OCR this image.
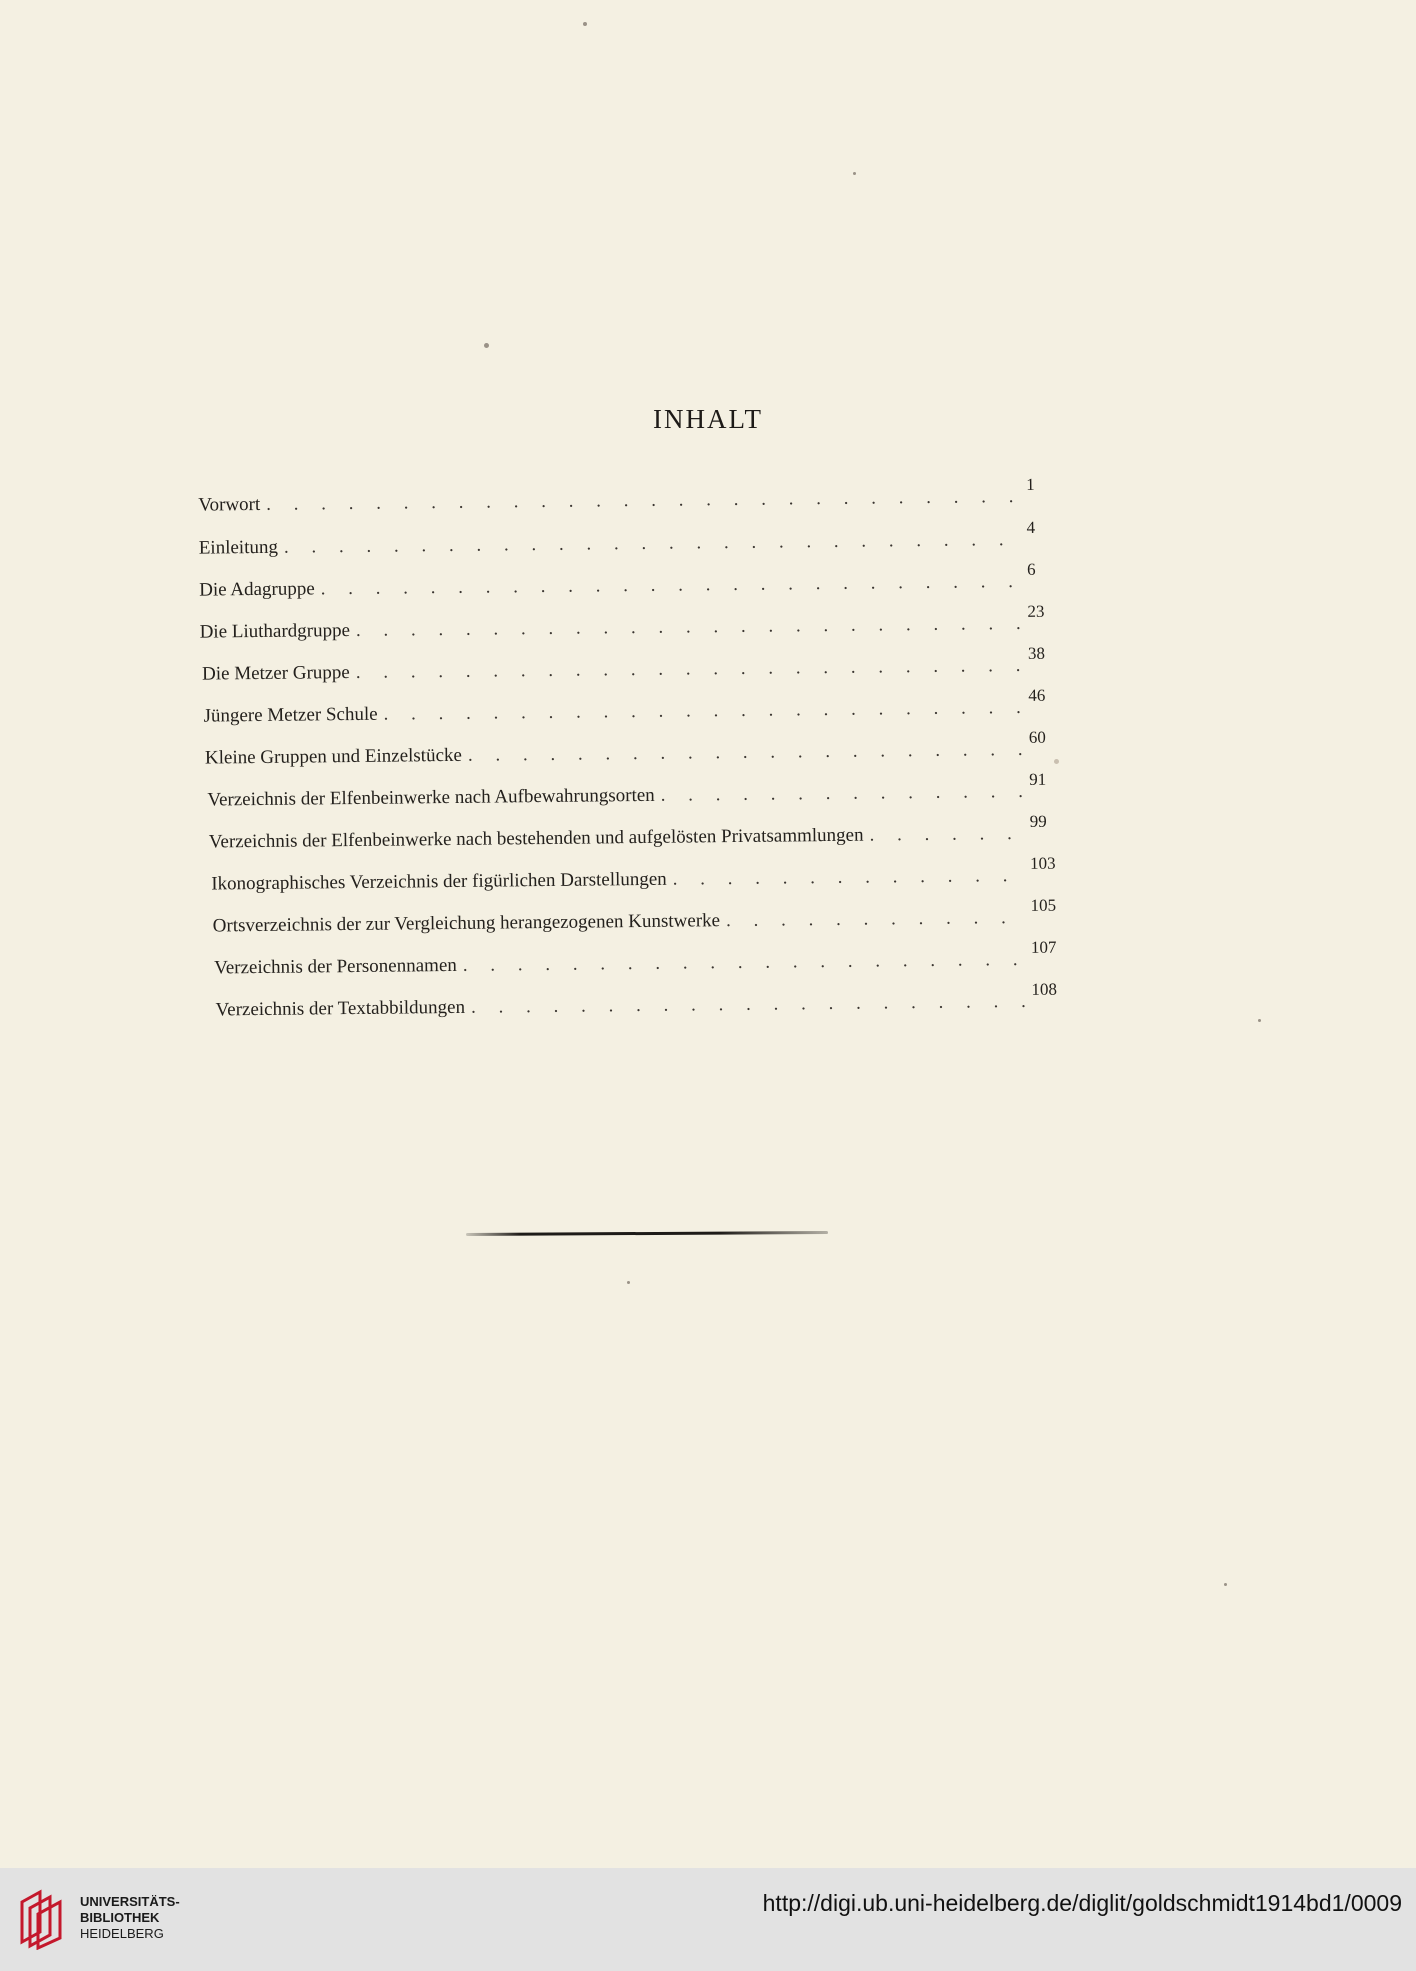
INHALT
Vorwort
. . .
1
Einleitung
. . .
4
Die Adagruppe
. . .
6
Die Liuthardgruppe
. . .
23
Die Metzer Gruppe
. . .
38
Jüngere Metzer Schule
. . .
46
Kleine Gruppen und Einzelstücke
. . .
60
Verzeichnis der Elfenbeinwerke nach Aufbewahrungsorten
. . .
91
Verzeichnis der Elfenbeinwerke nach bestehenden und aufgelösten Privatsammlungen
. . .
99
Ikonographisches Verzeichnis der figürlichen Darstellungen
. . .
103
Ortsverzeichnis der zur Vergleichung herangezogenen Kunstwerke
. . .
105
Verzeichnis der Personennamen
. . .
107
Verzeichnis der Textabbildungen
. . .
108
UNIVERSITÄTS-
BIBLIOTHEK
HEIDELBERG
http://digi.ub.uni-heidelberg.de/diglit/goldschmidt1914bd1/0009
